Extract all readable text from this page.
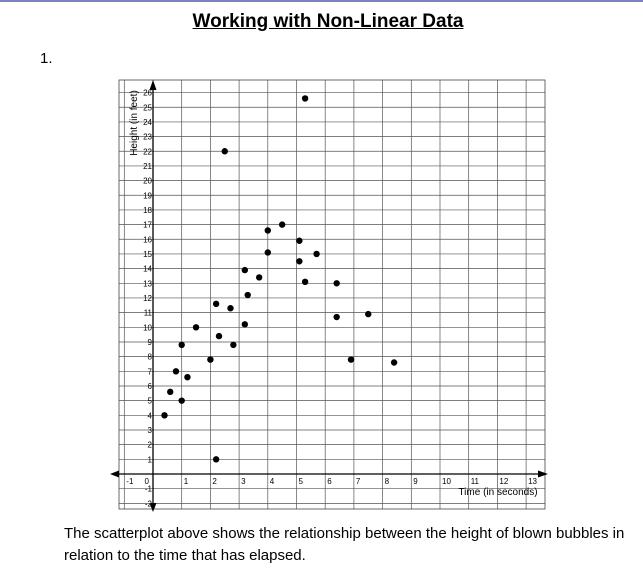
Working with Non-Linear Data
1.
-1 0	1	2	3	4	5	6	7	8	9	10 11	12 13
-2
-1
1
2
3
4
5
6
7
8
9
10
11
12
13
14
15
16
17
18
19
20
21
22
23
24
25
26
Time (in seconds)
Height (in feet)
The scatterplot above shows the relationship between the height of blown bubbles in relation to the time that has elapsed.
